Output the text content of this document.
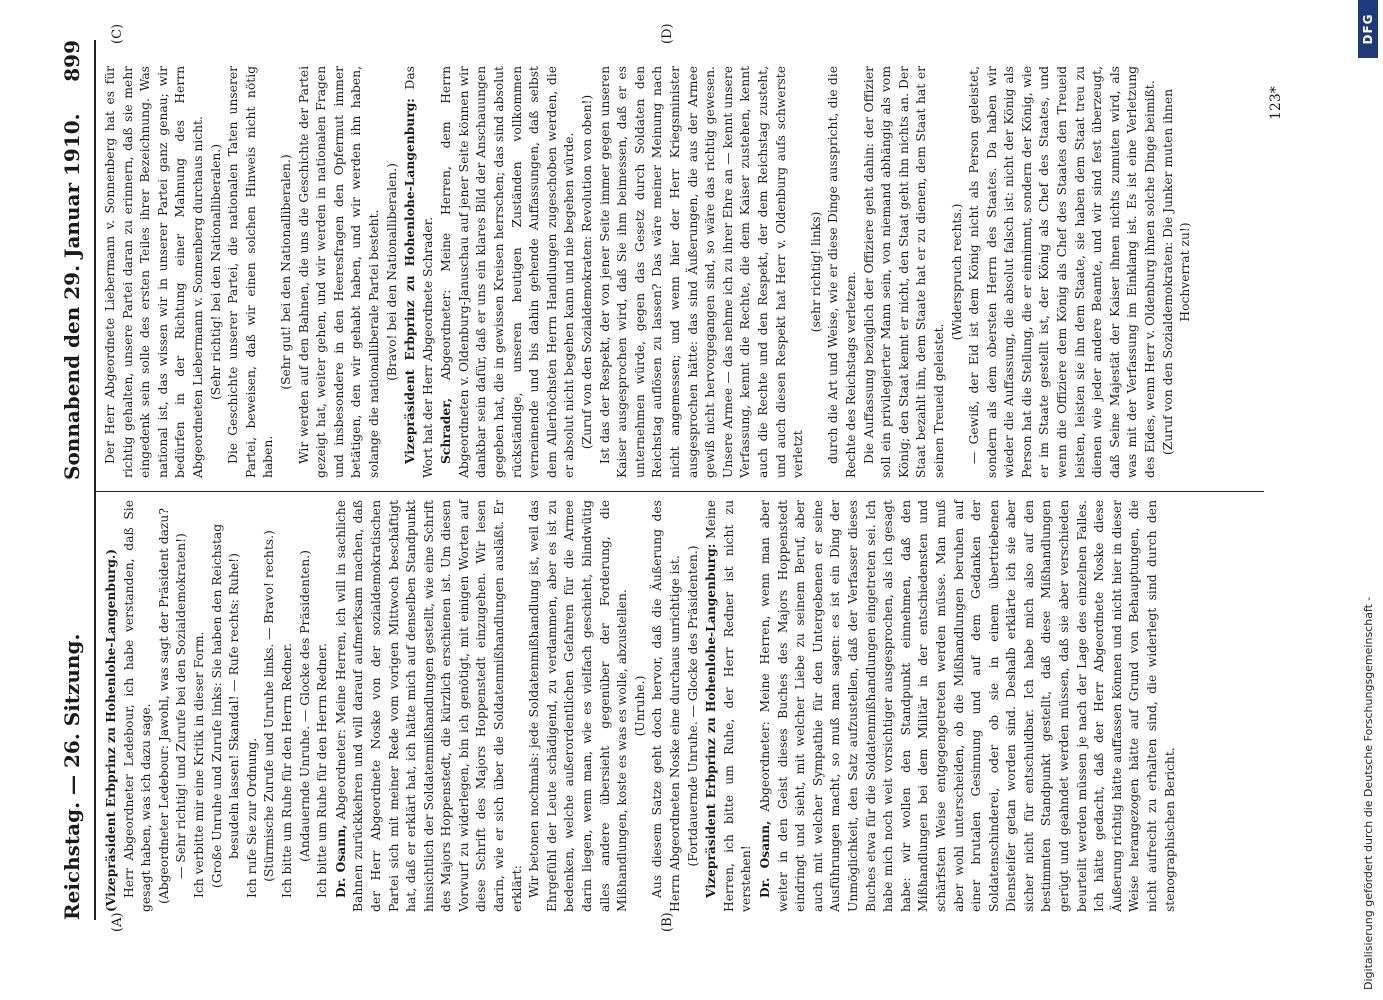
Reichstag. — 26. Sitzung.
Sonnabend den 29. Januar 1910.
899
(A)	(B)
(C)	(D)

(Vizepräsident Erbprinz zu Hohenlohe-Langenburg.) Herr Abgeordneter Ledebour, ich habe verstanden, daß Sie gesagt haben, was ich dazu sage. (Abgeordneter Ledebour: Jawohl, was sagt der Präsident dazu? — Sehr richtig! und Zurufe bei den Sozialdemokraten!) Ich verbitte mir eine Kritik in dieser Form. (Große Unruhe und Zurufe links: Sie haben den Reichstag besudeln lassen! Skandal! — Rufe rechts: Ruhe!) Ich rufe Sie zur Ordnung. (Stürmische Zurufe und Unruhe links. — Bravo! rechts.) Ich bitte um Ruhe für den Herrn Redner. (Andauernde Unruhe. — Glocke des Präsidenten.) Ich bitte um Ruhe für den Herrn Redner. Dr. Osann, Abgeordneter: Meine Herren, ich will in sachliche Bahnen zurückkehren und will darauf aufmerksam machen, daß der Herr Abgeordnete Noske von der sozialdemokratischen Partei sich mit meiner Rede vom vorigen Mittwoch beschäftigt hat, daß er erklärt hat, ich hätte mich auf denselben Standpunkt hinsichtlich der Soldatenmißhandlungen gestellt, wie eine Schrift des Majors Hoppenstedt, die kürzlich erschienen ist. Um diesen Vorwurf zu widerlegen, bin ich genötigt, mit einigen Worten auf diese Schrift des Majors Hoppenstedt einzugehen. Wir lesen darin, wie er sich über die Soldatenmißhandlungen ausläßt. Er erklärt: Wir betonen nochmals: jede Soldatenmißhandlung ist, weil das Ehrgefühl der Leute schädigend, zu verdammen, aber es ist zu bedenken, welche außerordentlichen Gefahren für die Armee darin liegen, wenn man, wie es vielfach geschieht, blindwütig alles andere übersieht gegenüber der Forderung, die Mißhandlungen, koste es was es wolle, abzustellen. (Unruhe.) Aus diesem Satze geht doch hervor, daß die Äußerung des Herrn Abgeordneten Noske eine durchaus unrichtige ist. (Fortdauernde Unruhe. — Glocke des Präsidenten.) Vizepräsident Erbprinz zu Hohenlohe-Langenburg: Meine Herren, ich bitte um Ruhe, der Herr Redner ist nicht zu verstehen! Dr. Osann, Abgeordneter: Meine Herren, wenn man aber weiter in den Geist dieses Buches des Majors Hoppenstedt eindringt und sieht, mit welcher Liebe zu seinem Beruf, aber auch mit welcher Sympathie für den Untergebenen er seine Ausführungen macht, so muß man sagen: es ist ein Ding der Unmöglichkeit, den Satz aufzustellen, daß der Verfasser dieses Buches etwa für die Soldatenmißhandlungen eingetreten sei. Ich habe mich noch weit vorsichtiger ausgesprochen, als ich gesagt habe: wir wollen den Standpunkt einnehmen, daß den Mißhandlungen bei dem Militär in der entschiedensten und schärfsten Weise entgegengetreten werden müsse. Man muß aber wohl unterscheiden, ob die Mißhandlungen beruhen auf einer brutalen Gesinnung und auf dem Gedanken der Soldatenschinderei, oder ob sie in einem übertriebenen Diensteifer getan worden sind. Deshalb erklärte ich sie aber sicher nicht für entschuldbar. Ich habe mich also auf den bestimmten Standpunkt gestellt, daß diese Mißhandlungen gerügt und geahndet werden müssen, daß sie aber verschieden beurteilt werden müssen je nach der Lage des einzelnen Falles. Ich hätte gedacht, daß der Herr Abgeordnete Noske diese Äußerung richtig hätte auffassen können und nicht hier in dieser Weise herangezogen hätte auf Grund von Behauptungen, die nicht aufrecht zu erhalten sind, die widerlegt sind durch den stenographischen Bericht.

Der Herr Abgeordnete Liebermann v. Sonnenberg hat es für richtig gehalten, unsere Partei daran zu erinnern, daß sie mehr eingedenk sein solle des ersten Teiles ihrer Bezeichnung. Was national ist, das wissen wir in unserer Partei ganz genau; wir bedürfen in der Richtung einer Mahnung des Herrn Abgeordneten Liebermann v. Sonnenberg durchaus nicht. (Sehr richtig! bei den Nationalliberalen.) Die Geschichte unserer Partei, die nationalen Taten unserer Partei, beweisen, daß wir einen solchen Hinweis nicht nötig haben.

(Sehr gut! bei den Nationalliberalen.) Wir werden auf den Bahnen, die uns die Geschichte der Partei gezeigt hat, weiter gehen, und wir werden in nationalen Fragen und insbesondere in den Heeresfragen den Opfermut immer betätigen, den wir gehabt haben, und wir werden ihn haben, solange die nationalliberale Partei besteht. (Bravo! bei den Nationalliberalen.) Vizepräsident Erbprinz zu Hohenlohe-Langenburg: Das Wort hat der Herr Abgeordnete Schrader. Schrader, Abgeordneter: Meine Herren, dem Herrn Abgeordneten v. Oldenburg-Januschau auf jener Seite können wir dankbar sein dafür, daß er uns ein klares Bild der Anschauungen gegeben hat, die in gewissen Kreisen herrschen; das sind absolut rückständige, unseren heutigen Zuständen vollkommen verneinende und bis dahin gehende Auffassungen, daß selbst dem Allerhöchsten Herrn Handlungen zugeschoben werden, die er absolut nicht begehen kann und nie begehen würde. (Zuruf von den Sozialdemokraten: Revolution von oben!) Ist das der Respekt, der von jener Seite immer gegen unseren Kaiser ausgesprochen wird, daß Sie ihm beimessen, daß er es unternehmen würde, gegen das Gesetz durch Soldaten den Reichstag auflösen zu lassen? Das wäre meiner Meinung nach nicht angemessen; und wenn hier der Herr Kriegsminister ausgesprochen hätte: das sind Äußerungen, die aus der Armee gewiß nicht hervorgegangen sind, so wäre das richtig gewesen. Unsere Armee — das nehme ich zu ihrer Ehre an — kennt unsere Verfassung, kennt die Rechte, die dem Kaiser zustehen, kennt auch die Rechte und den Respekt, der dem Reichstag zusteht, und auch diesen Respekt hat Herr v. Oldenburg aufs schwerste verletzt

(sehr richtig! links) durch die Art und Weise, wie er diese Dinge ausspricht, die die Rechte des Reichstags verletzen. Die Auffassung bezüglich der Offiziere geht dahin: der Offizier soll ein privilegierter Mann sein, von niemand abhängig als vom König; den Staat kennt er nicht, den Staat geht ihn nichts an. Der Staat bezahlt ihn, dem Staate hat er zu dienen, dem Staat hat er seinen Treueid geleistet.

(Widerspruch rechts.) — Gewiß, der Eid ist dem König nicht als Person geleistet, sondern als dem obersten Herrn des Staates. Da haben wir wieder die Auffassung, die absolut falsch ist: nicht der König als Person hat die Stellung, die er einnimmt, sondern der König, wie er im Staate gestellt ist, der König als Chef des Staates, und wenn die Offiziere dem König als Chef des Staates den Treueid leisten, leisten sie ihn dem Staate, sie haben dem Staat treu zu dienen wie jeder andere Beamte, und wir sind fest überzeugt, daß Seine Majestät der Kaiser ihnen nichts zumuten wird, als was mit der Verfassung im Einklang ist. Es ist eine Verletzung des Eides, wenn Herr v. Oldenburg ihnen solche Dinge beimißt. (Zuruf von den Sozialdemokraten: Die Junker muten ihnen Hochverrat zu!)

123*
Digitalisierung gefördert durch die Deutsche Forschungsgemeinschaft -
DFG
